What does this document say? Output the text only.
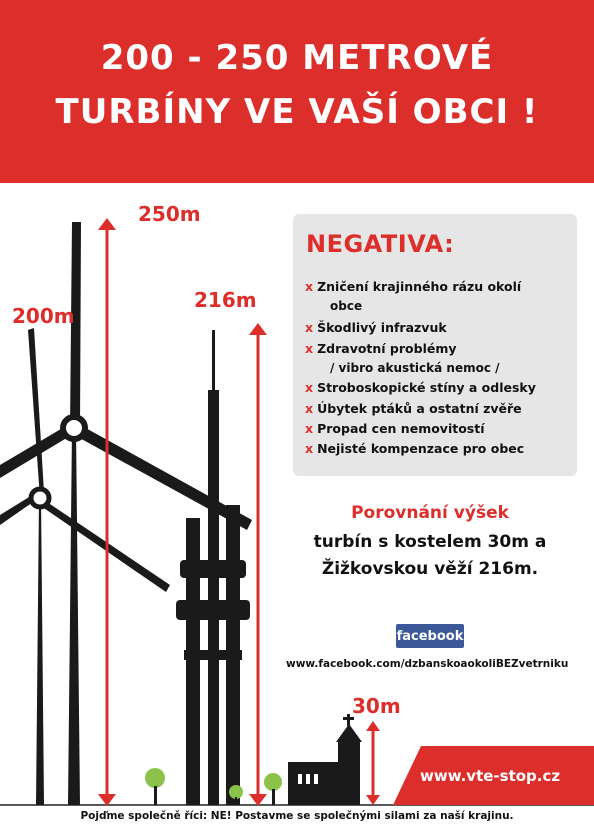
200 - 250 METROVÉ
TURBÍNY VE VAŠÍ OBCI !
250m
200m
216m
30m
NEGATIVA:
x Zničení krajinného rázu okolí
obce
x Škodlivý infrazvuk
x Zdravotní problémy
/ vibro akustická nemoc /
x Stroboskopické stíny a odlesky
x Úbytek ptáků a ostatní zvěře
x Propad cen nemovitostí
x Nejisté kompenzace pro obec
Porovnání výšek
turbín s kostelem 30m a
Žižkovskou věží 216m.
facebook
www.facebook.com/dzbanskoaokoliBEZvetrniku
www.vte-stop.cz
Pojďme společně říci: NE! Postavme se společnými silami za naší krajinu.
